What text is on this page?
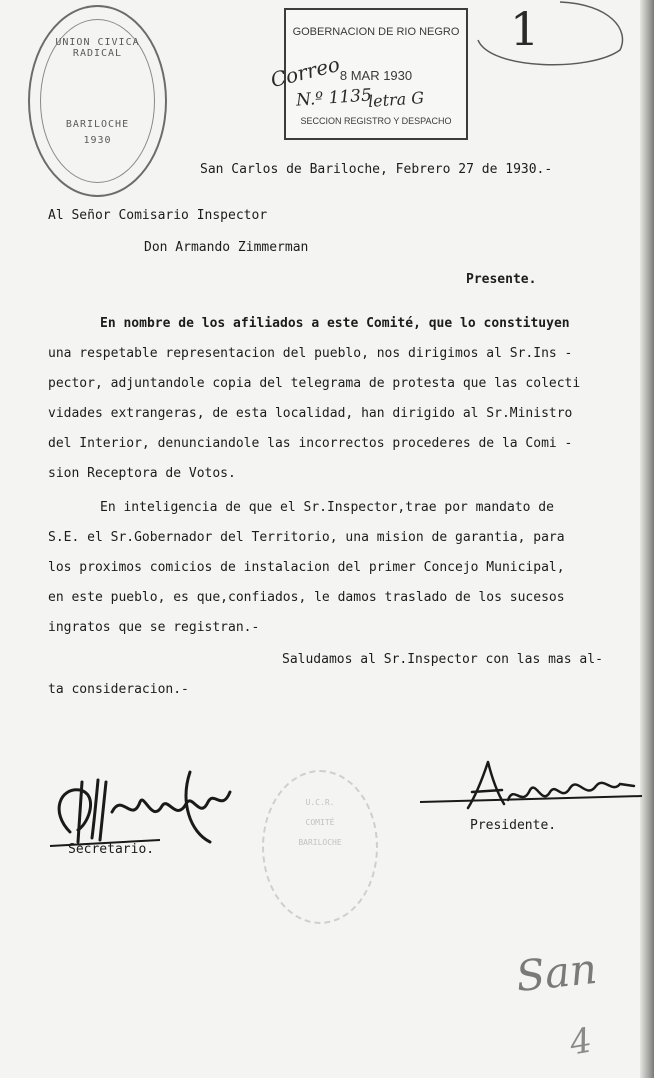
UNION CIVICA RADICAL
BARILOCHE
1930
GOBERNACION DE RIO NEGRO
8 MAR 1930
SECCION REGISTRO Y DESPACHO
Correo
N.º 1135
letra G
1
San Carlos de Bariloche, Febrero 27 de 1930.-
Al Señor Comisario Inspector
Don Armando Zimmerman
Presente.
En nombre de los afiliados a este Comité, que lo constituyen
una respetable representacion del pueblo, nos dirigimos al Sr.Ins -
pector, adjuntandole copia del telegrama de protesta que las colecti
vidades extrangeras, de esta localidad, han dirigido al Sr.Ministro
del Interior, denunciandole las incorrectos procederes de la Comi -
sion Receptora de Votos.
En inteligencia de que el Sr.Inspector,trae por mandato de
S.E. el Sr.Gobernador del Territorio, una mision de garantia, para
los proximos comicios de instalacion del primer Concejo Municipal,
en este pueblo, es que,confiados, le damos traslado de los sucesos
ingratos que se registran.-
Saludamos al Sr.Inspector con las mas al-
ta consideracion.-
U.C.R.
COMITÉ
BARILOCHE
Secretario.
Presidente.
San
4
